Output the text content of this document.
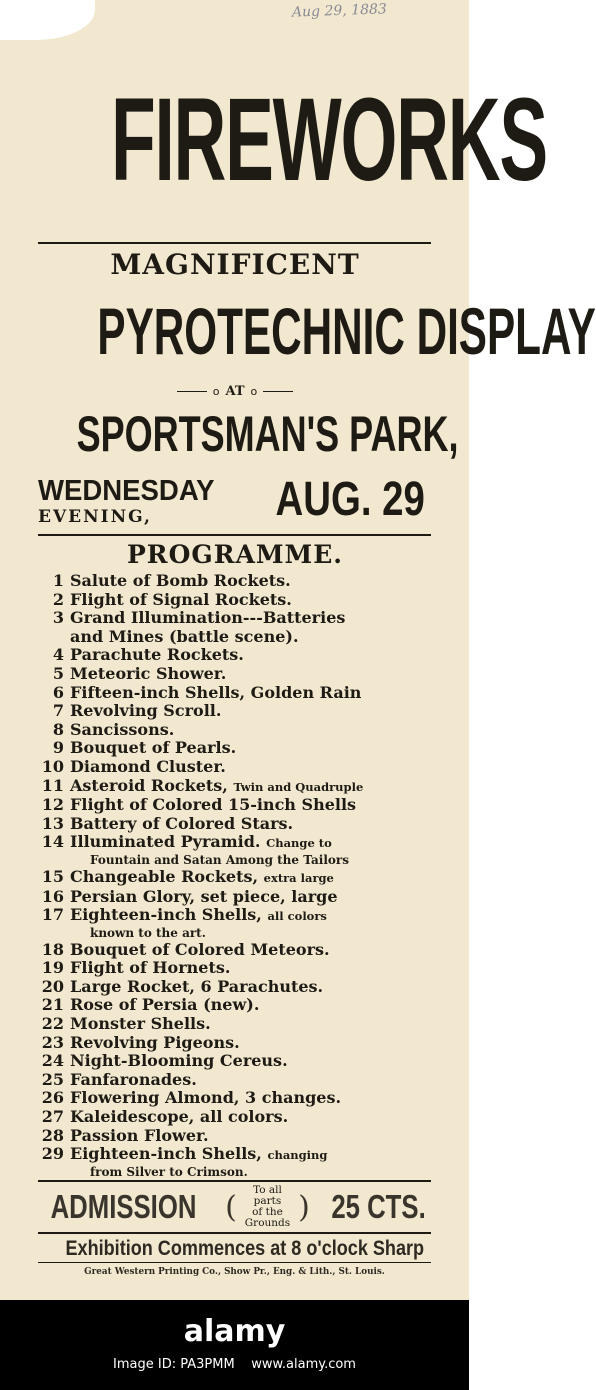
Aug 29, 1883
FIREWORKS
MAGNIFICENT
PYROTECHNIC DISPLAY
o AT o
SPORTSMAN'S PARK,
WEDNESDAY
EVENING,	AUG. 29
PROGRAMME.
1 Salute of Bomb Rockets.
2 Flight of Signal Rockets.
3 Grand Illumination---Batteries
and Mines (battle scene).
4 Parachute Rockets.
5 Meteoric Shower.
6 Fifteen-inch Shells, Golden Rain
7 Revolving Scroll.
8 Sancissons.
9 Bouquet of Pearls.
10 Diamond Cluster.
11 Asteroid Rockets, Twin and Quadruple
12 Flight of Colored 15-inch Shells
13 Battery of Colored Stars.
14 Illuminated Pyramid. Change to
Fountain and Satan Among the Tailors
15 Changeable Rockets, extra large
16 Persian Glory, set piece, large
17 Eighteen-inch Shells, all colors
known to the art.
18 Bouquet of Colored Meteors.
19 Flight of Hornets.
20 Large Rocket, 6 Parachutes.
21 Rose of Persia (new).
22 Monster Shells.
23 Revolving Pigeons.
24 Night-Blooming Cereus.
25 Fanfaronades.
26 Flowering Almond, 3 changes.
27 Kaleidescope, all colors.
28 Passion Flower.
29 Eighteen-inch Shells, changing
from Silver to Crimson.
ADMISSION (	To all parts
of the
Grounds ) 25 CTS.
Exhibition Commences at 8 o'clock Sharp
Great Western Printing Co., Show Pr., Eng. & Lith., St. Louis.
alamy
Image ID: PA3PMM    www.alamy.com
